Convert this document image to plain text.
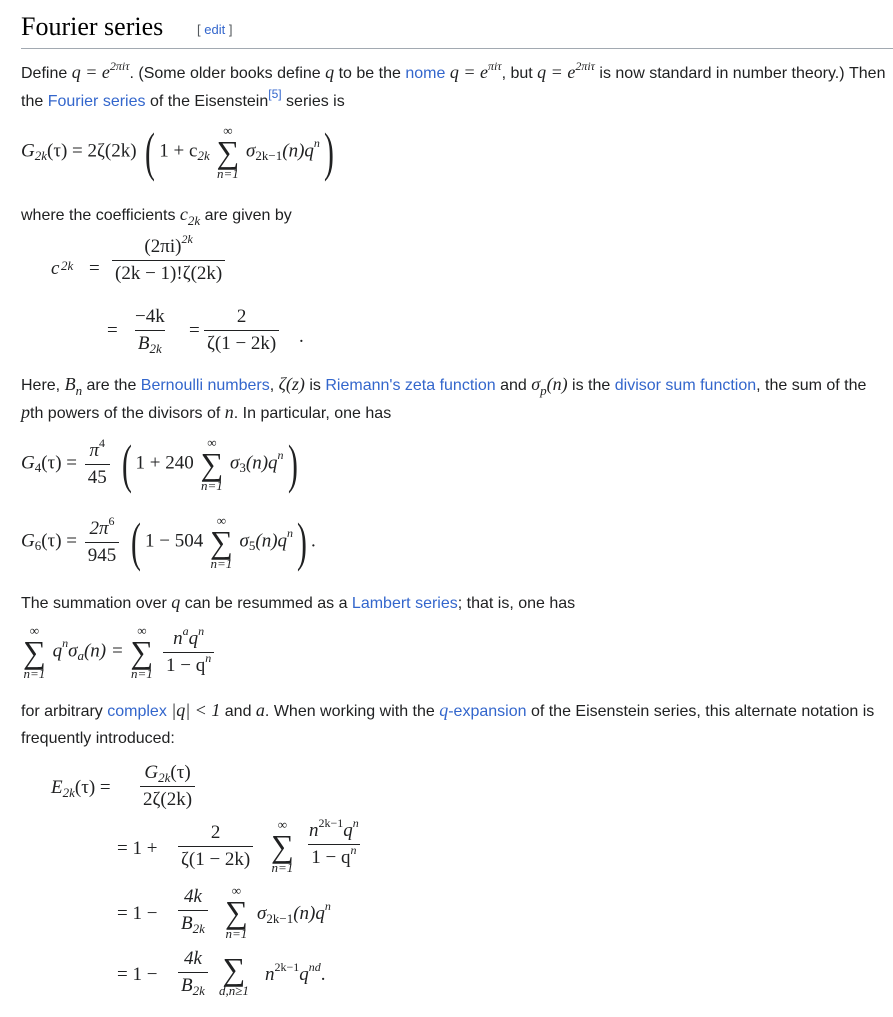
Fourier series	[ edit ]

Define $q = e^{2\pi i\tau}$. (Some older books define q to be the nome $q = e^{\pi i\tau}$, but $q = e^{2\pi i\tau}$ is now standard in number theory.) Then the Fourier series of the Eisenstein[5] series is

$G_{2k}(\tau) = 2\zeta(2k)$ ( $1 + c_{2k}$
∞
∑
n=1
$\sigma_{2k-1}(n)q^n$)

where the coefficients $c_{2k}$ are given by

c $2k = \frac{(2\pi i)^{2k}}{(2k - 1)!\zeta(2k)}$
= $\frac{-4k}{B_{2k}} = \frac{2}{\zeta(1 - 2k)}$ .

Here, $B_n$ are the Bernoulli numbers, ζ(z) is Riemann's zeta function and $\sigma_p(n)$ is the divisor sum function, the sum of the pth powers of the divisors of n. In particular, one has

$G_4(\tau) = \frac{\pi^4}{45}$ ( 1 + 240
∞
∑
n=1
$\sigma_3(n)q^n$)
$G_6(\tau) = \frac{2\pi^6}{945}$ ( 1 − 504
∞
∑
n=1
$\sigma_5(n)q^n$) .

The summation over q can be resummed as a Lambert series; that is, one has

∞
∑
n=1
$q^n\sigma_a(n)$ =
∞
∑
n=1
$\frac{n^aq^n}{1 - q^n}$

for arbitrary complex |q| < 1 and a. When working with the q-expansion of the Eisenstein series, this alternate notation is frequently introduced:

$E_{2k}(\tau) = \frac{G_{2k}(\tau)}{2\zeta(2k)}$
= $1 + \frac{2}{\zeta(1 - 2k)}$ ∞
∑
$n=1 \frac{n^{2k-1}q^n}{1 - q^n}$
= $1 - \frac{4k}{B_{2k}}$ ∞
∑
n=1
$\sigma_{2k-1}(n)q^n$
= $1 - \frac{4k}{B_{2k}}$ ∑
d,n≥1
$n^{2k-1}q^{nd}$.
